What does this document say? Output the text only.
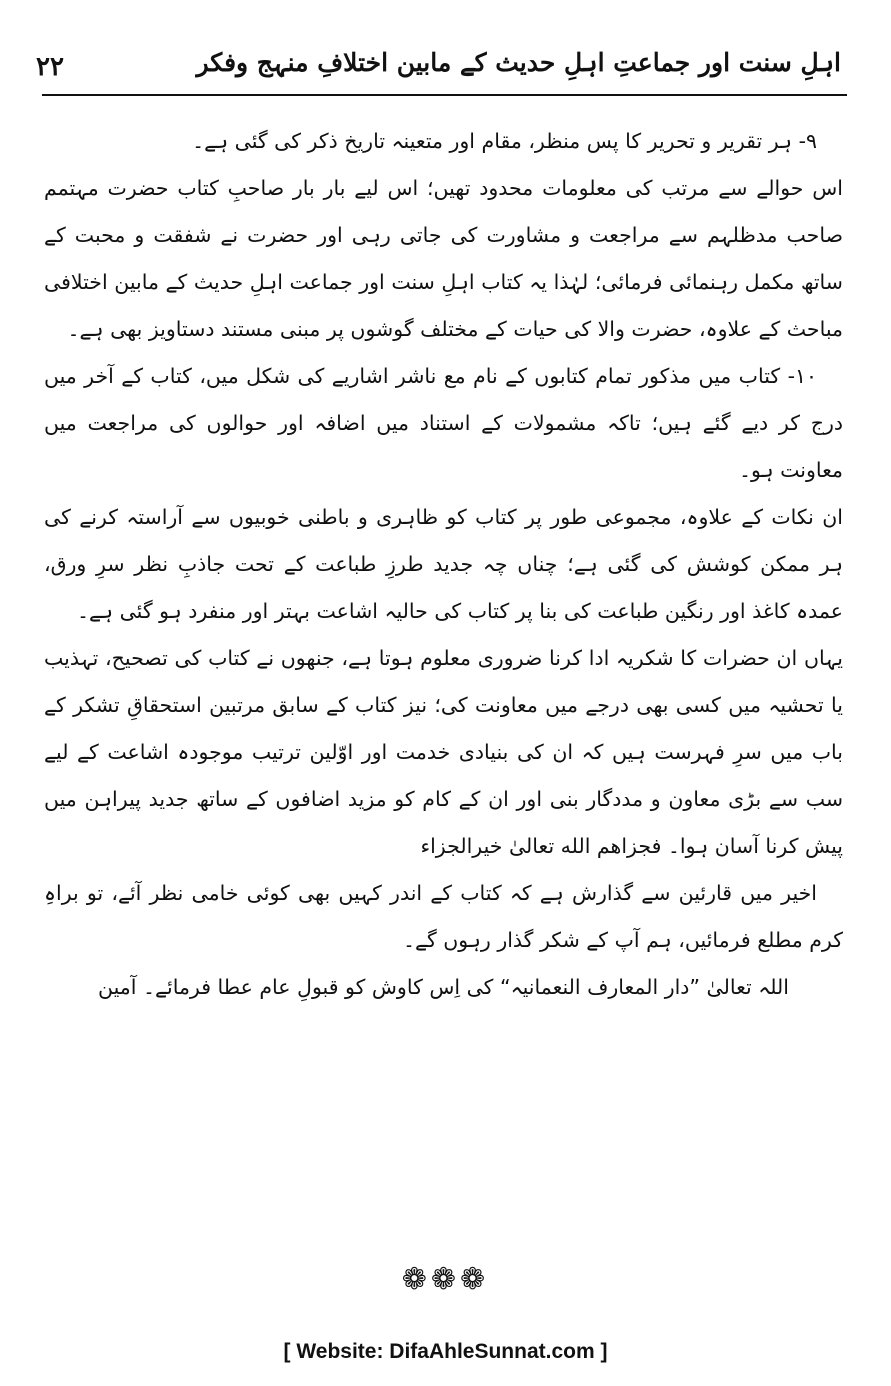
اہلِ سنت اور جماعتِ اہلِ حدیث کے مابین اختلافِ منہج وفکر
۲۲

۹- ہر تقریر و تحریر کا پس منظر، مقام اور متعینہ تاریخ ذکر کی گئی ہے۔

اس حوالے سے مرتب کی معلومات محدود تھیں؛ اس لیے بار بار صاحبِ کتاب حضرت مہتمم صاحب مدظلہم سے مراجعت و مشاورت کی جاتی رہی اور حضرت نے شفقت و محبت کے ساتھ مکمل رہنمائی فرمائی؛ لہٰذا یہ کتاب اہلِ سنت اور جماعت اہلِ حدیث کے مابین اختلافی مباحث کے علاوہ، حضرت والا کی حیات کے مختلف گوشوں پر مبنی مستند دستاویز بھی ہے۔

۱۰- کتاب میں مذکور تمام کتابوں کے نام مع ناشر اشاریے کی شکل میں، کتاب کے آخر میں درج کر دیے گئے ہیں؛ تاکہ مشمولات کے استناد میں اضافہ اور حوالوں کی مراجعت میں معاونت ہو۔

ان نکات کے علاوہ، مجموعی طور پر کتاب کو ظاہری و باطنی خوبیوں سے آراستہ کرنے کی ہر ممکن کوشش کی گئی ہے؛ چناں چہ جدید طرزِ طباعت کے تحت جاذبِ نظر سرِ ورق، عمدہ کاغذ اور رنگین طباعت کی بنا پر کتاب کی حالیہ اشاعت بہتر اور منفرد ہو گئی ہے۔

یہاں ان حضرات کا شکریہ ادا کرنا ضروری معلوم ہوتا ہے، جنھوں نے کتاب کی تصحیح، تہذیب یا تحشیہ میں کسی بھی درجے میں معاونت کی؛ نیز کتاب کے سابق مرتبین استحقاقِ تشکر کے باب میں سرِ فہرست ہیں کہ ان کی بنیادی خدمت اور اوّلین ترتیب موجودہ اشاعت کے لیے سب سے بڑی معاون و مددگار بنی اور ان کے کام کو مزید اضافوں کے ساتھ جدید پیراہن میں پیش کرنا آسان ہوا۔ فجزاهم الله تعالىٰ خيرالجزاء

اخیر میں قارئین سے گذارش ہے کہ کتاب کے اندر کہیں بھی کوئی خامی نظر آئے، تو براہِ کرم مطلع فرمائیں، ہم آپ کے شکر گذار رہوں گے۔

اللہ تعالیٰ ”دار المعارف النعمانیہ“ کی اِس کاوش کو قبولِ عام عطا فرمائے۔ آمین

❁❁❁
[ Website: DifaAhleSunnat.com ]
